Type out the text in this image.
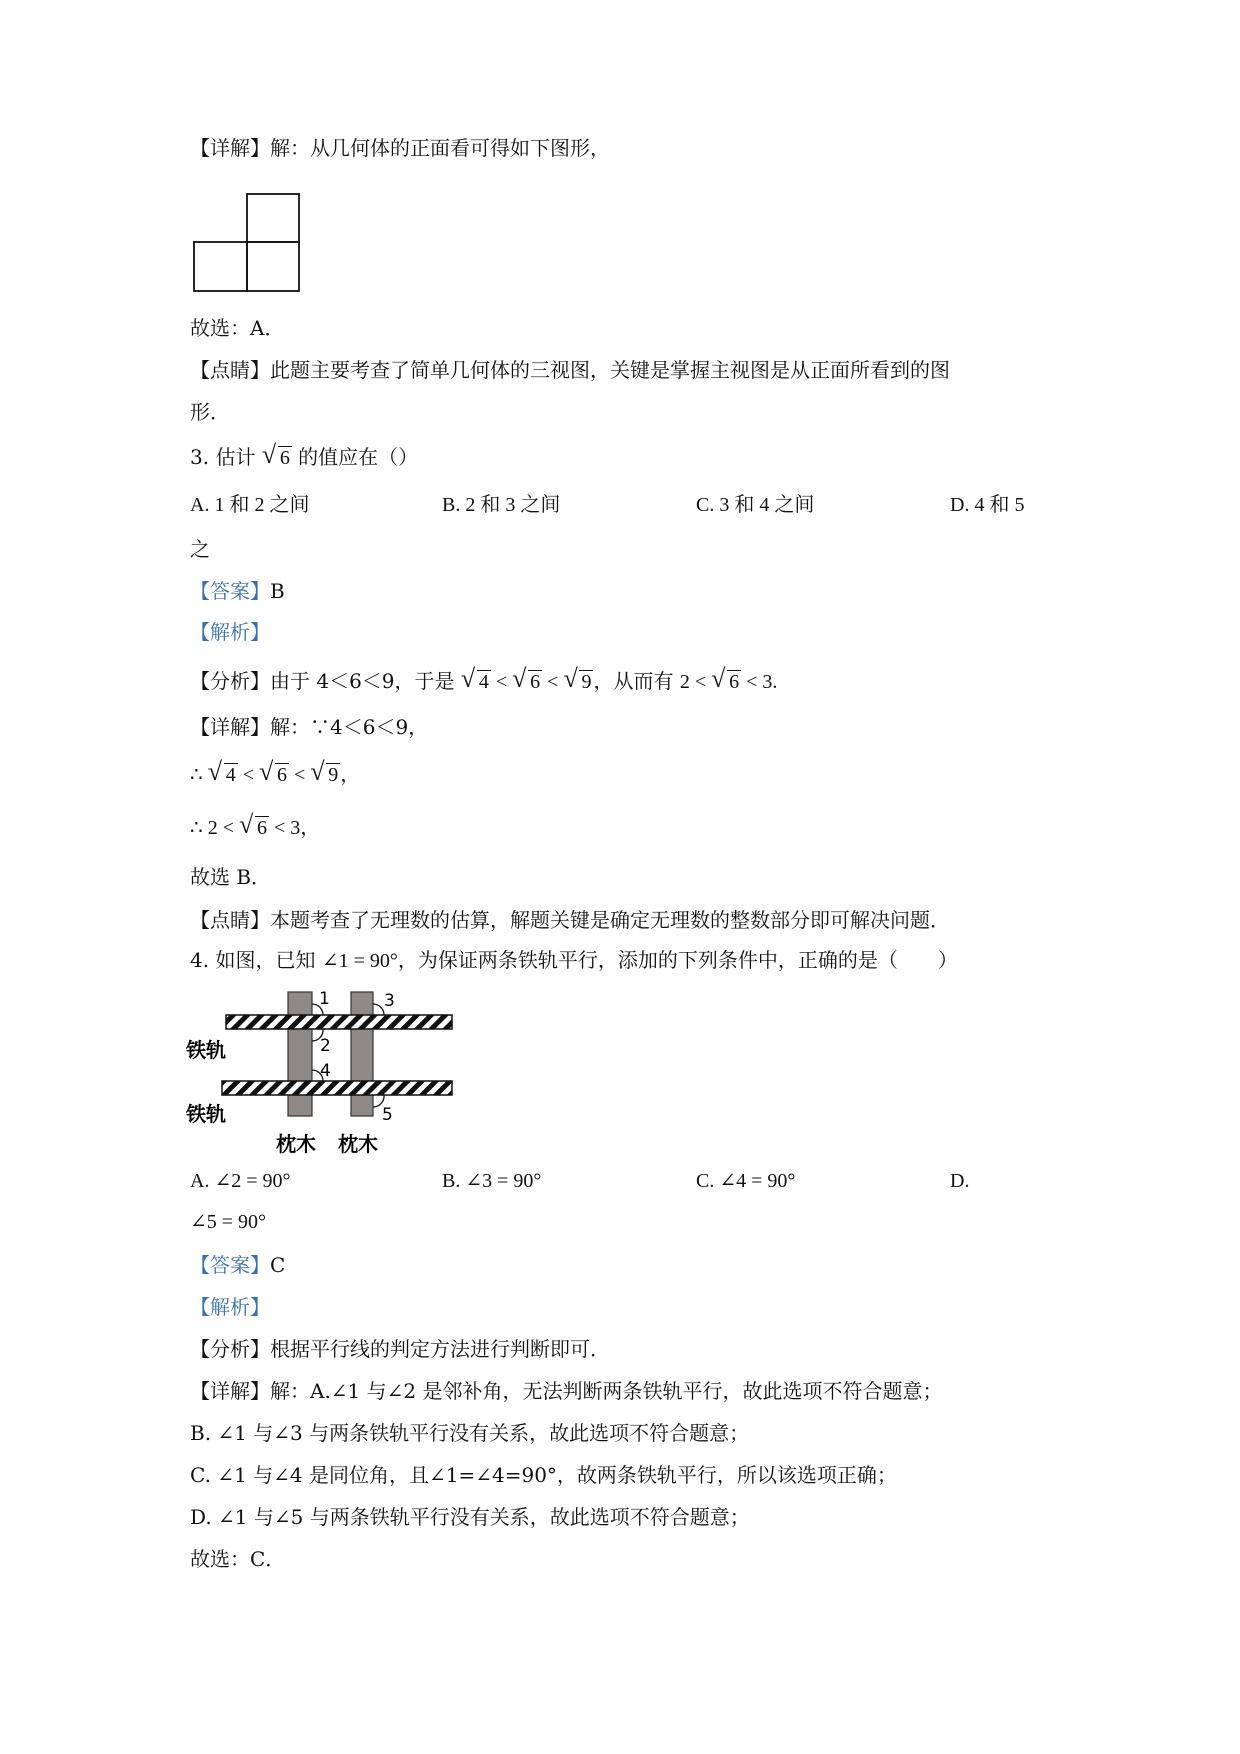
【详解】解：从几何体的正面看可得如下图形，
故选：A．
【点睛】此题主要考查了简单几何体的三视图，关键是掌握主视图是从正面所看到的图
形．
3. 估计 √ 6 的值应在（）
A. 1 和 2 之间	B. 2 和 3 之间	C. 3 和 4 之间	D. 4 和 5
之
【答案】B
【解析】
【分析】由于 4＜6＜9，于是 √ 4 < √ 6 < √ 9 ，从而有 2 < √ 6 < 3.
【详解】解：∵4＜6＜9，
∴ √ 4 < √ 6 < √ 9 ，
∴ 2 < √ 6 < 3，
故选 B．
【点睛】本题考查了无理数的估算，解题关键是确定无理数的整数部分即可解决问题．
4. 如图，已知 ∠1 = 90°，为保证两条铁轨平行，添加的下列条件中，正确的是（　　）
1
2
3
4
5
铁轨
铁轨
枕木 枕木
A. ∠2 = 90°	B. ∠3 = 90°	C. ∠4 = 90°	D.
∠5 = 90°
【答案】C
【解析】
【分析】根据平行线的判定方法进行判断即可．
【详解】解：A.∠1 与∠2 是邻补角，无法判断两条铁轨平行，故此选项不符合题意；
B. ∠1 与∠3 与两条铁轨平行没有关系，故此选项不符合题意；
C. ∠1 与∠4 是同位角，且∠1=∠4=90°，故两条铁轨平行，所以该选项正确；
D. ∠1 与∠5 与两条铁轨平行没有关系，故此选项不符合题意；
故选：C．
